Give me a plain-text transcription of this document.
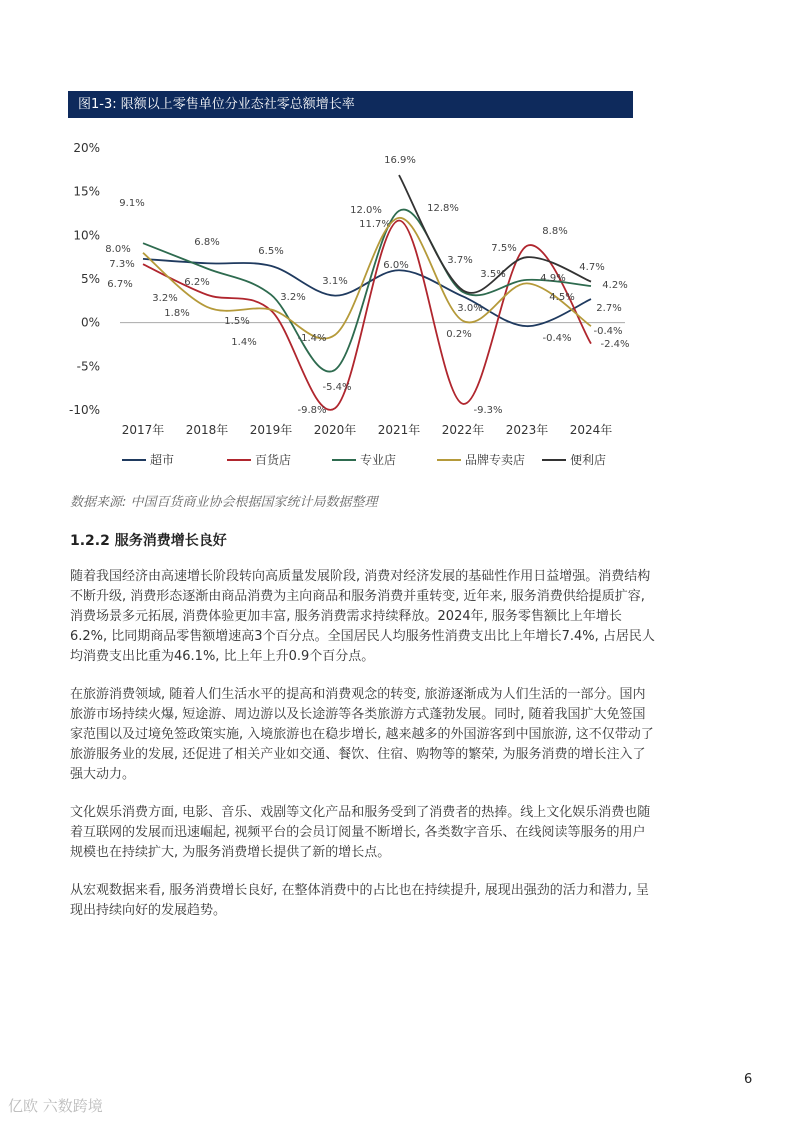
图1-3: 限额以上零售单位分业态社零总额增长率
20%
15%
10%
5%
0%
-5%
-10%
2017年 2018年 2019年 2020年 2021年 2022年 2023年 2024年
7.3%
6.8%
6.5%
3.1%
6.0%
3.0%
-0.4%
2.7%
超市
6.7%
3.2%
1.4%
-9.8%
11.7%
-9.3%
8.8%
-2.4%
百货店
9.1%
6.2%
3.2%
-5.4%
12.8%
3.5%	4.9%
4.2%
专业店
8.0%
1.8%
1.5%
-1.4%
12.0%
0.2%
4.5%
-0.4%
品牌专卖店
16.9%
3.7%
7.5%
4.7%
便利店
数据来源: 中国百货商业协会根据国家统计局数据整理
1.2.2 服务消费增长良好

随着我国经济由高速增长阶段转向高质量发展阶段, 消费对经济发展的基础性作用日益增强。消费结构不断升级, 消费形态逐渐由商品消费为主向商品和服务消费并重转变, 近年来, 服务消费供给提质扩容, 消费场景多元拓展, 消费体验更加丰富, 服务消费需求持续释放。2024年, 服务零售额比上年增长6.2%, 比同期商品零售额增速高3个百分点。全国居民人均服务性消费支出比上年增长7.4%, 占居民人均消费支出比重为46.1%, 比上年上升0.9个百分点。

在旅游消费领域, 随着人们生活水平的提高和消费观念的转变, 旅游逐渐成为人们生活的一部分。国内旅游市场持续火爆, 短途游、周边游以及长途游等各类旅游方式蓬勃发展。同时, 随着我国扩大免签国家范围以及过境免签政策实施, 入境旅游也在稳步增长, 越来越多的外国游客到中国旅游, 这不仅带动了旅游服务业的发展, 还促进了相关产业如交通、餐饮、住宿、购物等的繁荣, 为服务消费的增长注入了强大动力。

文化娱乐消费方面, 电影、音乐、戏剧等文化产品和服务受到了消费者的热捧。线上文化娱乐消费也随着互联网的发展而迅速崛起, 视频平台的会员订阅量不断增长, 各类数字音乐、在线阅读等服务的用户规模也在持续扩大, 为服务消费增长提供了新的增长点。

从宏观数据来看, 服务消费增长良好, 在整体消费中的占比也在持续提升, 展现出强劲的活力和潜力, 呈现出持续向好的发展趋势。

6
亿欧 六数跨境
